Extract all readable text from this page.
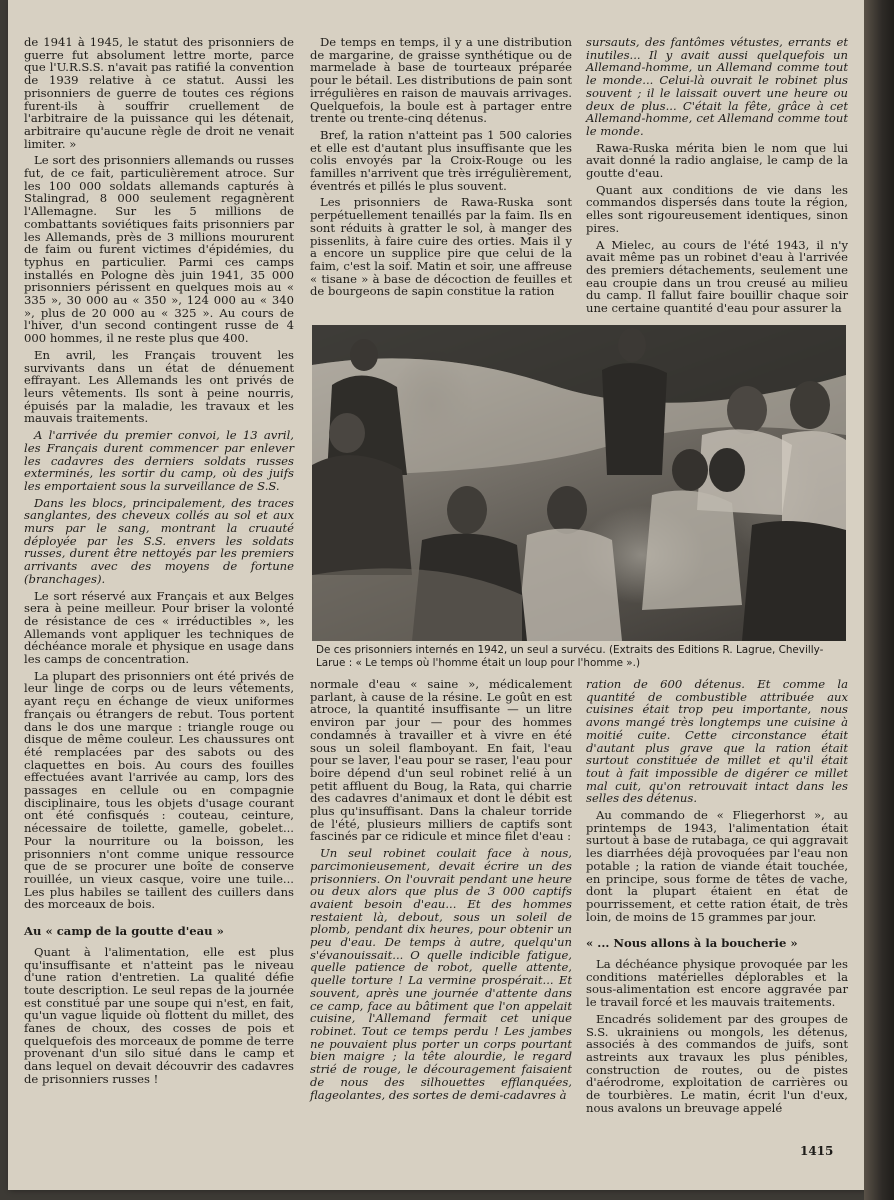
de 1941 à 1945, le statut des prisonniers de guerre fut absolument lettre morte, parce que l'U.R.S.S. n'avait pas ratifié la convention de 1939 relative à ce statut. Aussi les prisonniers de guerre de toutes ces régions furent-ils à souffrir cruellement de l'arbitraire de la puissance qui les détenait, arbitraire qu'aucune règle de droit ne venait limiter. »

Le sort des prisonniers allemands ou russes fut, de ce fait, particulièrement atroce. Sur les 100 000 soldats allemands capturés à Stalingrad, 8 000 seulement regagnèrent l'Allemagne. Sur les 5 millions de combattants soviétiques faits prisonniers par les Allemands, près de 3 millions moururent de faim ou furent victimes d'épidémies, du typhus en particulier. Parmi ces camps installés en Pologne dès juin 1941, 35 000 prisonniers périssent en quelques mois au « 335 », 30 000 au « 350 », 124 000 au « 340 », plus de 20 000 au « 325 ». Au cours de l'hiver, d'un second contingent russe de 4 000 hommes, il ne reste plus que 400.

En avril, les Français trouvent les survivants dans un état de dénuement effrayant. Les Allemands les ont privés de leurs vêtements. Ils sont à peine nourris, épuisés par la maladie, les travaux et les mauvais traitements.

A l'arrivée du premier convoi, le 13 avril, les Français durent commencer par enlever les cadavres des derniers soldats russes exterminés, les sortir du camp, où des juifs les emportaient sous la surveillance de S.S.

Dans les blocs, principalement, des traces sanglantes, des cheveux collés au sol et aux murs par le sang, montrant la cruauté déployée par les S.S. envers les soldats russes, durent être nettoyés par les premiers arrivants avec des moyens de fortune (branchages).

Le sort réservé aux Français et aux Belges sera à peine meilleur. Pour briser la volonté de résistance de ces « irréductibles », les Allemands vont appliquer les techniques de déchéance morale et physique en usage dans les camps de concentration.

La plupart des prisonniers ont été privés de leur linge de corps ou de leurs vêtements, ayant reçu en échange de vieux uniformes français ou étrangers de rebut. Tous portent dans le dos une marque : triangle rouge ou disque de même couleur. Les chaussures ont été remplacées par des sabots ou des claquettes en bois. Au cours des fouilles effectuées avant l'arrivée au camp, lors des passages en cellule ou en compagnie disciplinaire, tous les objets d'usage courant ont été confisqués : couteau, ceinture, nécessaire de toilette, gamelle, gobelet... Pour la nourriture ou la boisson, les prisonniers n'ont comme unique ressource que de se procurer une boîte de conserve rouillée, un vieux casque, voire une tuile... Les plus habiles se taillent des cuillers dans des morceaux de bois.

Au « camp de la goutte d'eau »

Quant à l'alimentation, elle est plus qu'insuffisante et n'atteint pas le niveau d'une ration d'entretien. La qualité défie toute description. Le seul repas de la journée est constitué par une soupe qui n'est, en fait, qu'un vague liquide où flottent du millet, des fanes de choux, des cosses de pois et quelquefois des morceaux de pomme de terre provenant d'un silo situé dans le camp et dans lequel on devait découvrir des cadavres de prisonniers russes !

De temps en temps, il y a une distribution de margarine, de graisse synthétique ou de marmelade à base de tourteaux préparée pour le bétail. Les distributions de pain sont irrégulières en raison de mauvais arrivages. Quelquefois, la boule est à partager entre trente ou trente-cinq détenus.

Bref, la ration n'atteint pas 1 500 calories et elle est d'autant plus insuffisante que les colis envoyés par la Croix-Rouge ou les familles n'arrivent que très irrégulièrement, éventrés et pillés le plus souvent.

Les prisonniers de Rawa-Ruska sont perpétuellement tenaillés par la faim. Ils en sont réduits à gratter le sol, à manger des pissenlits, à faire cuire des orties. Mais il y a encore un supplice pire que celui de la faim, c'est la soif. Matin et soir, une affreuse « tisane » à base de décoction de feuilles et de bourgeons de sapin constitue la ration

sursauts, des fantômes vétustes, errants et inutiles... Il y avait aussi quelquefois un Allemand-homme, un Allemand comme tout le monde... Celui-là ouvrait le robinet plus souvent ; il le laissait ouvert une heure ou deux de plus... C'était la fête, grâce à cet Allemand-homme, cet Allemand comme tout le monde.

Rawa-Ruska mérita bien le nom que lui avait donné la radio anglaise, le camp de la goutte d'eau.

Quant aux conditions de vie dans les commandos dispersés dans toute la région, elles sont rigoureusement identiques, sinon pires.

A Mielec, au cours de l'été 1943, il n'y avait même pas un robinet d'eau à l'arrivée des premiers détachements, seulement une eau croupie dans un trou creusé au milieu du camp. Il fallut faire bouillir chaque soir une certaine quantité d'eau pour assurer la

De ces prisonniers internés en 1942, un seul a survécu. (Extraits des Editions R. Lagrue, Chevilly-Larue : « Le temps où l'homme était un loup pour l'homme ».)

normale d'eau « saine », médicalement parlant, à cause de la résine. Le goût en est atroce, la quantité insuffisante — un litre environ par jour — pour des hommes condamnés à travailler et à vivre en été sous un soleil flamboyant. En fait, l'eau pour se laver, l'eau pour se raser, l'eau pour boire dépend d'un seul robinet relié à un petit affluent du Boug, la Rata, qui charrie des cadavres d'animaux et dont le débit est plus qu'insuffisant. Dans la chaleur torride de l'été, plusieurs milliers de captifs sont fascinés par ce ridicule et mince filet d'eau :

Un seul robinet coulait face à nous, parcimonieusement, devait écrire un des prisonniers. On l'ouvrait pendant une heure ou deux alors que plus de 3 000 captifs avaient besoin d'eau... Et des hommes restaient là, debout, sous un soleil de plomb, pendant dix heures, pour obtenir un peu d'eau. De temps à autre, quelqu'un s'évanouissait... O quelle indicible fatigue, quelle patience de robot, quelle attente, quelle torture ! La vermine prospérait... Et souvent, après une journée d'attente dans ce camp, face au bâtiment que l'on appelait cuisine, l'Allemand fermait cet unique robinet. Tout ce temps perdu ! Les jambes ne pouvaient plus porter un corps pourtant bien maigre ; la tête alourdie, le regard strié de rouge, le découragement faisaient de nous des silhouettes efflanquées, flageolantes, des sortes de demi-cadavres à

ration de 600 détenus. Et comme la quantité de combustible attribuée aux cuisines était trop peu importante, nous avons mangé très longtemps une cuisine à moitié cuite. Cette circonstance était d'autant plus grave que la ration était surtout constituée de millet et qu'il était tout à fait impossible de digérer ce millet mal cuit, qu'on retrouvait intact dans les selles des détenus.

Au commando de « Fliegerhorst », au printemps de 1943, l'alimentation était surtout à base de rutabaga, ce qui aggravait les diarrhées déjà provoquées par l'eau non potable ; la ration de viande était touchée, en principe, sous forme de têtes de vache, dont la plupart étaient en état de pourrissement, et cette ration était, de très loin, de moins de 15 grammes par jour.

« ... Nous allons à la boucherie »

La déchéance physique provoquée par les conditions matérielles déplorables et la sous-alimentation est encore aggravée par le travail forcé et les mauvais traitements.

Encadrés solidement par des groupes de S.S. ukrainiens ou mongols, les détenus, associés à des commandos de juifs, sont astreints aux travaux les plus pénibles, construction de routes, ou de pistes d'aérodrome, exploitation de carrières ou de tourbières. Le matin, écrit l'un d'eux, nous avalons un breuvage appelé

1415
